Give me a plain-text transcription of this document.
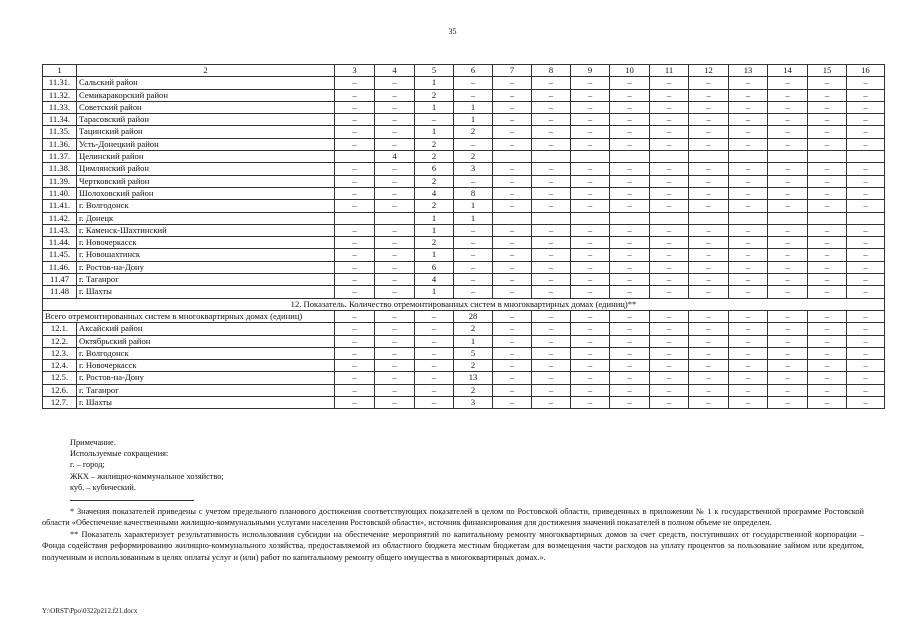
35
1	2	3	4	5	6	7	8	9	10	11	12	13	14	15	16
11.31.	Сальский район	–	–	1	–	–	–	–	–	–	–	–	–	–	–
11.32.	Семикаракорский район	–	–	2	–	–	–	–	–	–	–	–	–	–	–
11.33.	Советский район	–	–	1	1	–	–	–	–	–	–	–	–	–	–
11.34.	Тарасовский район	–	–	–	1	–	–	–	–	–	–	–	–	–	–
11.35.	Тацинский район	–	–	1	2	–	–	–	–	–	–	–	–	–	–
11.36.	Усть-Донецкий район	–	–	2	–	–	–	–	–	–	–	–	–	–	–
11.37.	Целинский район		4	2	2										
11.38.	Цимлянский район	–	–	6	3	–	–	–	–	–	–	–	–	–	–
11.39.	Чертковский район	–	–	2	–	–	–	–	–	–	–	–	–	–	–
11.40.	Шолоховский район	–	–	4	8	–	–	–	–	–	–	–	–	–	–
11.41.	г. Волгодонск	–	–	2	1	–	–	–	–	–	–	–	–	–	–
11.42.	г. Донецк			1	1										
11.43.	г. Каменск-Шахтинский	–	–	1	–	–	–	–	–	–	–	–	–	–	–
11.44.	г. Новочеркасск	–	–	2	–	–	–	–	–	–	–	–	–	–	–
11.45.	г. Новошахтинск	–	–	1	–	–	–	–	–	–	–	–	–	–	–
11.46.	г. Ростов-на-Дону	–	–	6	–	–	–	–	–	–	–	–	–	–	–
11.47	г. Таганрог	–	–	4	–	–	–	–	–	–	–	–	–	–	–
11.48	г. Шахты	–	–	1	–	–	–	–	–	–	–	–	–	–	–
12. Показатель. Количество отремонтированных систем в многоквартирных домах (единиц)**															
Всего отремонтированных систем в многоквартирных домах (единиц)		–	–	–	28	–	–	–	–	–	–	–	–	–	–
12.1.	Аксайский район	–	–	–	2	–	–	–	–	–	–	–	–	–	–
12.2.	Октябрьский район	–	–	–	1	–	–	–	–	–	–	–	–	–	–
12.3.	г. Волгодонск	–	–	–	5	–	–	–	–	–	–	–	–	–	–
12.4.	г. Новочеркасск	–	–	–	2	–	–	–	–	–	–	–	–	–	–
12.5.	г. Ростов-на-Дону	–	–	–	13	–	–	–	–	–	–	–	–	–	–
12.6.	г. Таганрог	–	–	–	2	–	–	–	–	–	–	–	–	–	–
12.7.	г. Шахты	–	–	–	3	–	–	–	–	–	–	–	–	–	–

Примечание.

Используемые сокращения:

г. – город;

ЖКХ – жилищно-коммунальное хозяйство;

куб. – кубический.

* Значения показателей приведены с учетом предельного планового достижения соответствующих показателей в целом по Ростовской области, приведенных в приложении № 1 к государственной программе Ростовской области «Обеспечение качественными жилищно-коммунальными услугами населения Ростовской области», источник финансирования для достижения значений показателей в полном объеме не определен.

** Показатель характеризует результативность использования субсидии на обеспечение мероприятий по капитальному ремонту многоквартирных домов за счет средств, поступивших от государственной корпорации – Фонда содействия реформированию жилищно-коммунального хозяйства, предоставляемой из областного бюджета местным бюджетам для возмещения части расходов на уплату процентов за пользование займом или кредитом, полученным и использованным в целях оплаты услуг и (или) работ по капитальному ремонту общего имущества в многоквартирных домах.».

Y:\ORST\Ppo\0322p212.f21.docx
